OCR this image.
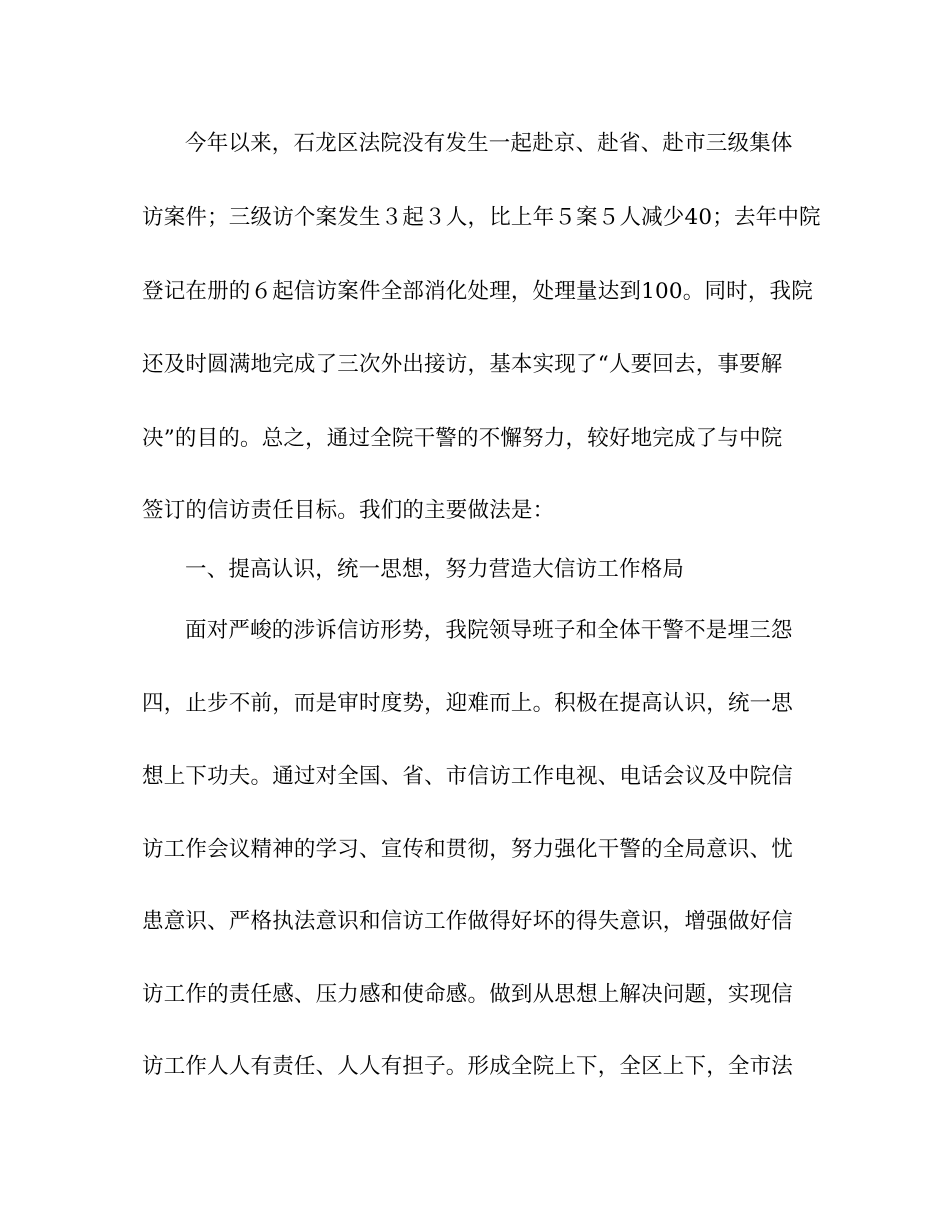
今年以来，石龙区法院没有发生一起赴京、赴省、赴市三级集体
访案件；三级访个案发生３起３人，比上年５案５人减少40；去年中院
登记在册的６起信访案件全部消化处理，处理量达到100。同时，我院
还及时圆满地完成了三次外出接访，基本实现了“人要回去，事要解
决”的目的。总之，通过全院干警的不懈努力，较好地完成了与中院
签订的信访责任目标。我们的主要做法是：
一、提高认识，统一思想，努力营造大信访工作格局
面对严峻的涉诉信访形势，我院领导班子和全体干警不是埋三怨
四，止步不前，而是审时度势，迎难而上。积极在提高认识，统一思
想上下功夫。通过对全国、省、市信访工作电视、电话会议及中院信
访工作会议精神的学习、宣传和贯彻，努力强化干警的全局意识、忧
患意识、严格执法意识和信访工作做得好坏的得失意识，增强做好信
访工作的责任感、压力感和使命感。做到从思想上解决问题，实现信
访工作人人有责任、人人有担子。形成全院上下，全区上下，全市法
